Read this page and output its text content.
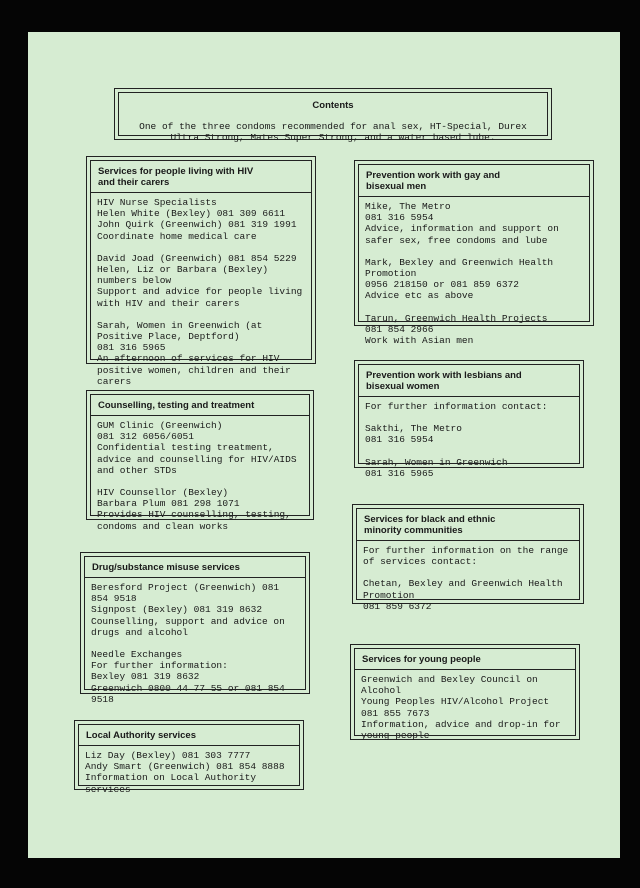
Contents
One of the three condoms recommended for anal sex, HT-Special, Durex
Ultra Strong, Mates Super Strong, and a water based lube.
Services for people living with HIV
and their carers
HIV Nurse Specialists
Helen White (Bexley) 081 309 6611
John Quirk (Greenwich) 081 319 1991
Coordinate home medical care
David Joad (Greenwich) 081 854 5229
Helen, Liz or Barbara (Bexley)
numbers below
Support and advice for people living
with HIV and their carers
Sarah, Women in Greenwich (at
Positive Place, Deptford)
081 316 5965
An afternoon of services for HIV
positive women, children and their
carers
Prevention work with gay and
bisexual men
Mike, The Metro
081 316 5954
Advice, information and support on
safer sex, free condoms and lube
Mark, Bexley and Greenwich Health
Promotion
0956 218150 or 081 859 6372
Advice etc as above
Tarun, Greenwich Health Projects
081 854 2966
Work with Asian men
Prevention work with lesbians and
bisexual women
For further information contact:
Sakthi, The Metro
081 316 5954
Sarah, Women in Greenwich
081 316 5965
Counselling, testing and treatment
GUM Clinic (Greenwich)
081 312 6056/6051
Confidential testing treatment,
advice and counselling for HIV/AIDS
and other STDs
HIV Counsellor (Bexley)
Barbara Plum 081 298 1071
Provides HIV counselling, testing,
condoms and clean works
Services for black and ethnic
minority communities
For further information on the range
of services contact:
Chetan, Bexley and Greenwich Health
Promotion
081 859 6372
Drug/substance misuse services
Beresford Project (Greenwich) 081
854 9518
Signpost (Bexley) 081 319 8632
Counselling, support and advice on
drugs and alcohol
Needle Exchanges
For further information:
Bexley 081 319 8632
Greenwich 0800 44 77 55 or 081 854
9518
Services for young people
Greenwich and Bexley Council on
Alcohol
Young Peoples HIV/Alcohol Project
081 855 7673
Information, advice and drop-in for
young people
Local Authority services
Liz Day (Bexley) 081 303 7777
Andy Smart (Greenwich) 081 854 8888
Information on Local Authority
services
